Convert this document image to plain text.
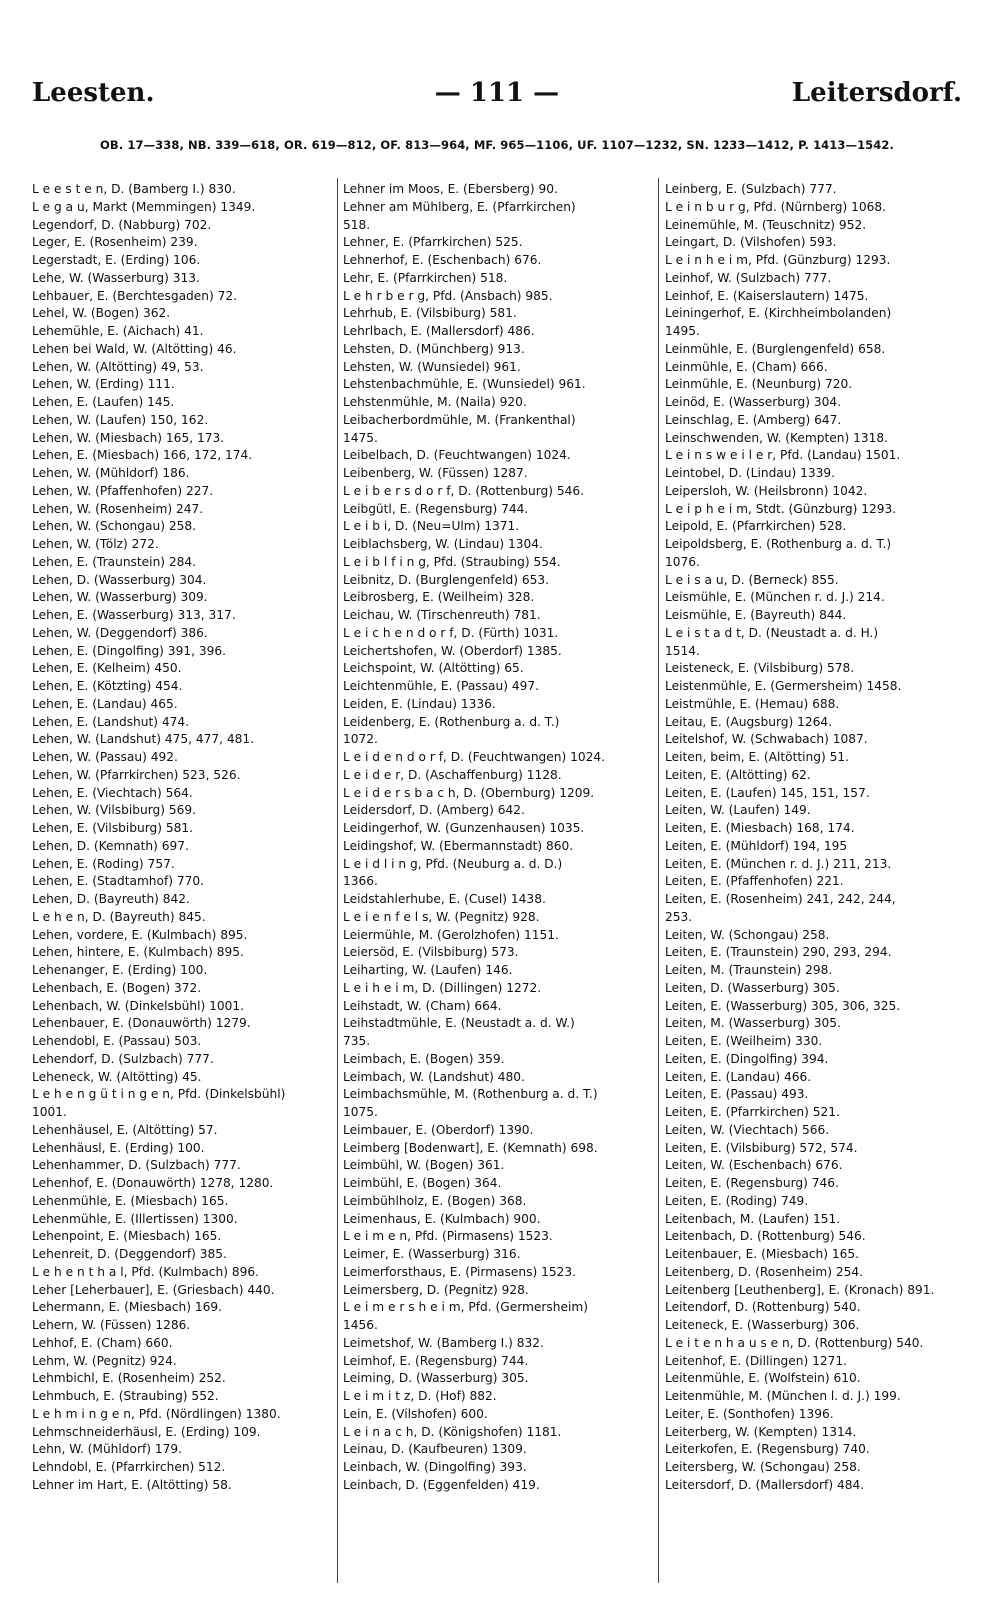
Leesten.	— 111 —	Leitersdorf.
OB. 17—338, NB. 339—618, OR. 619—812, OF. 813—964, MF. 965—1106, UF. 1107—1232, SN. 1233—1412, P. 1413—1542.
L e e s t e n, D. (Bamberg I.) 830.
L e g a u, Markt (Memmingen) 1349.
Legendorf, D. (Nabburg) 702.
Leger, E. (Rosenheim) 239.
Legerstadt, E. (Erding) 106.
Lehe, W. (Wasserburg) 313.
Lehbauer, E. (Berchtesgaden) 72.
Lehel, W. (Bogen) 362.
Lehemühle, E. (Aichach) 41.
Lehen bei Wald, W. (Altötting) 46.
Lehen, W. (Altötting) 49, 53.
Lehen, W. (Erding) 111.
Lehen, E. (Laufen) 145.
Lehen, W. (Laufen) 150, 162.
Lehen, W. (Miesbach) 165, 173.
Lehen, E. (Miesbach) 166, 172, 174.
Lehen, W. (Mühldorf) 186.
Lehen, W. (Pfaffenhofen) 227.
Lehen, W. (Rosenheim) 247.
Lehen, W. (Schongau) 258.
Lehen, W. (Tölz) 272.
Lehen, E. (Traunstein) 284.
Lehen, D. (Wasserburg) 304.
Lehen, W. (Wasserburg) 309.
Lehen, E. (Wasserburg) 313, 317.
Lehen, W. (Deggendorf) 386.
Lehen, E. (Dingolfing) 391, 396.
Lehen, E. (Kelheim) 450.
Lehen, E. (Kötzting) 454.
Lehen, E. (Landau) 465.
Lehen, E. (Landshut) 474.
Lehen, W. (Landshut) 475, 477, 481.
Lehen, W. (Passau) 492.
Lehen, W. (Pfarrkirchen) 523, 526.
Lehen, E. (Viechtach) 564.
Lehen, W. (Vilsbiburg) 569.
Lehen, E. (Vilsbiburg) 581.
Lehen, D. (Kemnath) 697.
Lehen, E. (Roding) 757.
Lehen, E. (Stadtamhof) 770.
Lehen, D. (Bayreuth) 842.
L e h e n, D. (Bayreuth) 845.
Lehen, vordere, E. (Kulmbach) 895.
Lehen, hintere, E. (Kulmbach) 895.
Lehenanger, E. (Erding) 100.
Lehenbach, E. (Bogen) 372.
Lehenbach, W. (Dinkelsbühl) 1001.
Lehenbauer, E. (Donauwörth) 1279.
Lehendobl, E. (Passau) 503.
Lehendorf, D. (Sulzbach) 777.
Leheneck, W. (Altötting) 45.
L e h e n g ü t i n g e n, Pfd. (Dinkelsbühl)
1001.
Lehenhäusel, E. (Altötting) 57.
Lehenhäusl, E. (Erding) 100.
Lehenhammer, D. (Sulzbach) 777.
Lehenhof, E. (Donauwörth) 1278, 1280.
Lehenmühle, E. (Miesbach) 165.
Lehenmühle, E. (Illertissen) 1300.
Lehenpoint, E. (Miesbach) 165.
Lehenreit, D. (Deggendorf) 385.
L e h e n t h a l, Pfd. (Kulmbach) 896.
Leher [Leherbauer], E. (Griesbach) 440.
Lehermann, E. (Miesbach) 169.
Lehern, W. (Füssen) 1286.
Lehhof, E. (Cham) 660.
Lehm, W. (Pegnitz) 924.
Lehmbichl, E. (Rosenheim) 252.
Lehmbuch, E. (Straubing) 552.
L e h m i n g e n, Pfd. (Nördlingen) 1380.
Lehmschneiderhäusl, E. (Erding) 109.
Lehn, W. (Mühldorf) 179.
Lehndobl, E. (Pfarrkirchen) 512.
Lehner im Hart, E. (Altötting) 58.
Lehner im Moos, E. (Ebersberg) 90.
Lehner am Mühlberg, E. (Pfarrkirchen)
518.
Lehner, E. (Pfarrkirchen) 525.
Lehnerhof, E. (Eschenbach) 676.
Lehr, E. (Pfarrkirchen) 518.
L e h r b e r g, Pfd. (Ansbach) 985.
Lehrhub, E. (Vilsbiburg) 581.
Lehrlbach, E. (Mallersdorf) 486.
Lehsten, D. (Münchberg) 913.
Lehsten, W. (Wunsiedel) 961.
Lehstenbachmühle, E. (Wunsiedel) 961.
Lehstenmühle, M. (Naila) 920.
Leibacherbordmühle, M. (Frankenthal)
1475.
Leibelbach, D. (Feuchtwangen) 1024.
Leibenberg, W. (Füssen) 1287.
L e i b e r s d o r f, D. (Rottenburg) 546.
Leibgütl, E. (Regensburg) 744.
L e i b i, D. (Neu=Ulm) 1371.
Leiblachsberg, W. (Lindau) 1304.
L e i b l f i n g, Pfd. (Straubing) 554.
Leibnitz, D. (Burglengenfeld) 653.
Leibrosberg, E. (Weilheim) 328.
Leichau, W. (Tirschenreuth) 781.
L e i c h e n d o r f, D. (Fürth) 1031.
Leichertshofen, W. (Oberdorf) 1385.
Leichspoint, W. (Altötting) 65.
Leichtenmühle, E. (Passau) 497.
Leiden, E. (Lindau) 1336.
Leidenberg, E. (Rothenburg a. d. T.)
1072.
L e i d e n d o r f, D. (Feuchtwangen) 1024.
L e i d e r, D. (Aschaffenburg) 1128.
L e i d e r s b a c h, D. (Obernburg) 1209.
Leidersdorf, D. (Amberg) 642.
Leidingerhof, W. (Gunzenhausen) 1035.
Leidingshof, W. (Ebermannstadt) 860.
L e i d l i n g, Pfd. (Neuburg a. d. D.)
1366.
Leidstahlerhube, E. (Cusel) 1438.
L e i e n f e l s, W. (Pegnitz) 928.
Leiermühle, M. (Gerolzhofen) 1151.
Leiersöd, E. (Vilsbiburg) 573.
Leiharting, W. (Laufen) 146.
L e i h e i m, D. (Dillingen) 1272.
Leihstadt, W. (Cham) 664.
Leihstadtmühle, E. (Neustadt a. d. W.)
735.
Leimbach, E. (Bogen) 359.
Leimbach, W. (Landshut) 480.
Leimbachsmühle, M. (Rothenburg a. d. T.)
1075.
Leimbauer, E. (Oberdorf) 1390.
Leimberg [Bodenwart], E. (Kemnath) 698.
Leimbühl, W. (Bogen) 361.
Leimbühl, E. (Bogen) 364.
Leimbühlholz, E. (Bogen) 368.
Leimenhaus, E. (Kulmbach) 900.
L e i m e n, Pfd. (Pirmasens) 1523.
Leimer, E. (Wasserburg) 316.
Leimerforsthaus, E. (Pirmasens) 1523.
Leimersberg, D. (Pegnitz) 928.
L e i m e r s h e i m, Pfd. (Germersheim)
1456.
Leimetshof, W. (Bamberg I.) 832.
Leimhof, E. (Regensburg) 744.
Leiming, D. (Wasserburg) 305.
L e i m i t z, D. (Hof) 882.
Lein, E. (Vilshofen) 600.
L e i n a c h, D. (Königshofen) 1181.
Leinau, D. (Kaufbeuren) 1309.
Leinbach, W. (Dingolfing) 393.
Leinbach, D. (Eggenfelden) 419.
Leinberg, E. (Sulzbach) 777.
L e i n b u r g, Pfd. (Nürnberg) 1068.
Leinemühle, M. (Teuschnitz) 952.
Leingart, D. (Vilshofen) 593.
L e i n h e i m, Pfd. (Günzburg) 1293.
Leinhof, W. (Sulzbach) 777.
Leinhof, E. (Kaiserslautern) 1475.
Leiningerhof, E. (Kirchheimbolanden)
1495.
Leinmühle, E. (Burglengenfeld) 658.
Leinmühle, E. (Cham) 666.
Leinmühle, E. (Neunburg) 720.
Leinöd, E. (Wasserburg) 304.
Leinschlag, E. (Amberg) 647.
Leinschwenden, W. (Kempten) 1318.
L e i n s w e i l e r, Pfd. (Landau) 1501.
Leintobel, D. (Lindau) 1339.
Leipersloh, W. (Heilsbronn) 1042.
L e i p h e i m, Stdt. (Günzburg) 1293.
Leipold, E. (Pfarrkirchen) 528.
Leipoldsberg, E. (Rothenburg a. d. T.)
1076.
L e i s a u, D. (Berneck) 855.
Leismühle, E. (München r. d. J.) 214.
Leismühle, E. (Bayreuth) 844.
L e i s t a d t, D. (Neustadt a. d. H.)
1514.
Leisteneck, E. (Vilsbiburg) 578.
Leistenmühle, E. (Germersheim) 1458.
Leistmühle, E. (Hemau) 688.
Leitau, E. (Augsburg) 1264.
Leitelshof, W. (Schwabach) 1087.
Leiten, beim, E. (Altötting) 51.
Leiten, E. (Altötting) 62.
Leiten, E. (Laufen) 145, 151, 157.
Leiten, W. (Laufen) 149.
Leiten, E. (Miesbach) 168, 174.
Leiten, E. (Mühldorf) 194, 195
Leiten, E. (München r. d. J.) 211, 213.
Leiten, E. (Pfaffenhofen) 221.
Leiten, E. (Rosenheim) 241, 242, 244,
253.
Leiten, W. (Schongau) 258.
Leiten, E. (Traunstein) 290, 293, 294.
Leiten, M. (Traunstein) 298.
Leiten, D. (Wasserburg) 305.
Leiten, E. (Wasserburg) 305, 306, 325.
Leiten, M. (Wasserburg) 305.
Leiten, E. (Weilheim) 330.
Leiten, E. (Dingolfing) 394.
Leiten, E. (Landau) 466.
Leiten, E. (Passau) 493.
Leiten, E. (Pfarrkirchen) 521.
Leiten, W. (Viechtach) 566.
Leiten, E. (Vilsbiburg) 572, 574.
Leiten, W. (Eschenbach) 676.
Leiten, E. (Regensburg) 746.
Leiten, E. (Roding) 749.
Leitenbach, M. (Laufen) 151.
Leitenbach, D. (Rottenburg) 546.
Leitenbauer, E. (Miesbach) 165.
Leitenberg, D. (Rosenheim) 254.
Leitenberg [Leuthenberg], E. (Kronach) 891.
Leitendorf, D. (Rottenburg) 540.
Leiteneck, E. (Wasserburg) 306.
L e i t e n h a u s e n, D. (Rottenburg) 540.
Leitenhof, E. (Dillingen) 1271.
Leitenmühle, E. (Wolfstein) 610.
Leitenmühle, M. (München l. d. J.) 199.
Leiter, E. (Sonthofen) 1396.
Leiterberg, W. (Kempten) 1314.
Leiterkofen, E. (Regensburg) 740.
Leitersberg, W. (Schongau) 258.
Leitersdorf, D. (Mallersdorf) 484.
